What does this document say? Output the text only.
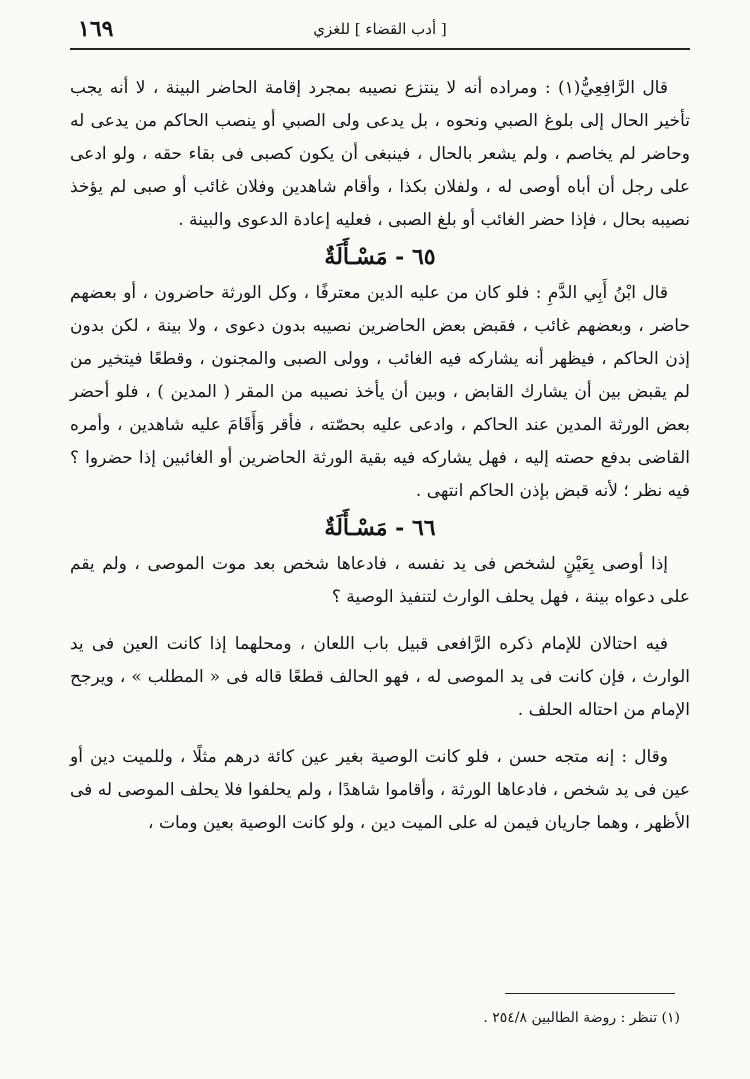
١٦٩	[ أدب القضاء ] للغزي

قال الرَّافِعِيُّ(١) : ومراده أنه لا ينتزع نصيبه بمجرد إقامة الحاضر البينة ، لا أنه يجب تأخير الحال إلى بلوغ الصبي ونحوه ، بل يدعى ولى الصبي أو ينصب الحاكم من يدعى له وحاضر لم يخاصم ، ولم يشعر بالحال ، فينبغى أن يكون كصبى فى بقاء حقه ، ولو ادعى على رجل أن أباه أوصى له ، ولفلان بكذا ، وأقام شاهدين وفلان غائب أو صبى لم يؤخذ نصيبه بحال ، فإذا حضر الغائب أو بلغ الصبى ، فعليه إعادة الدعوى والبينة .

٦٥ - مَسْـأَلَةٌ

قال ابْنُ أَبِي الدَّمِ : فلو كان من عليه الدين معترفًا ، وكل الورثة حاضرون ، أو بعضهم حاضر ، وبعضهم غائب ، فقبض بعض الحاضرين نصيبه بدون دعوى ، ولا بينة ، لكن بدون إذن الحاكم ، فيظهر أنه يشاركه فيه الغائب ، وولى الصبى والمجنون ، وقطعًا فيتخير من لم يقبض بين أن يشارك القابض ، وبين أن يأخذ نصيبه من المقر ( المدين ) ، فلو أحضر بعض الورثة المدين عند الحاكم ، وادعى عليه بحصّته ، فأقر وَأَقَامَ عليه شاهدين ، وأمره القاضى بدفع حصته إليه ، فهل يشاركه فيه بقية الورثة الحاضرين أو الغائبين إذا حضروا ؟ فيه نظر ؛ لأنه قبض بإذن الحاكم انتهى .

٦٦ - مَسْـأَلَةٌ

إذا أوصى بِعَيْنٍ لشخص فى يد نفسه ، فادعاها شخص بعد موت الموصى ، ولم يقم على دعواه بينة ، فهل يحلف الوارث لتنفيذ الوصية ؟

فيه احتالان للإمام ذكره الرَّافعى قبيل باب اللعان ، ومحلهما إذا كانت العين فى يد الوارث ، فإن كانت فى يد الموصى له ، فهو الحالف قطعًا قاله فى « المطلب » ، ويرجح الإمام من احتاله الحلف .

وقال : إنه متجه حسن ، فلو كانت الوصية بغير عين كائة درهم مثلًا ، وللميت دين أو عين فى يد شخص ، فادعاها الورثة ، وأقاموا شاهدًا ، ولم يحلفوا فلا يحلف الموصى له فى الأظهر ، وهما جاريان فيمن له على الميت دين ، ولو كانت الوصية بعين ومات ،

(١) تنظر : روضة الطالبين ٢٥٤/٨ .
